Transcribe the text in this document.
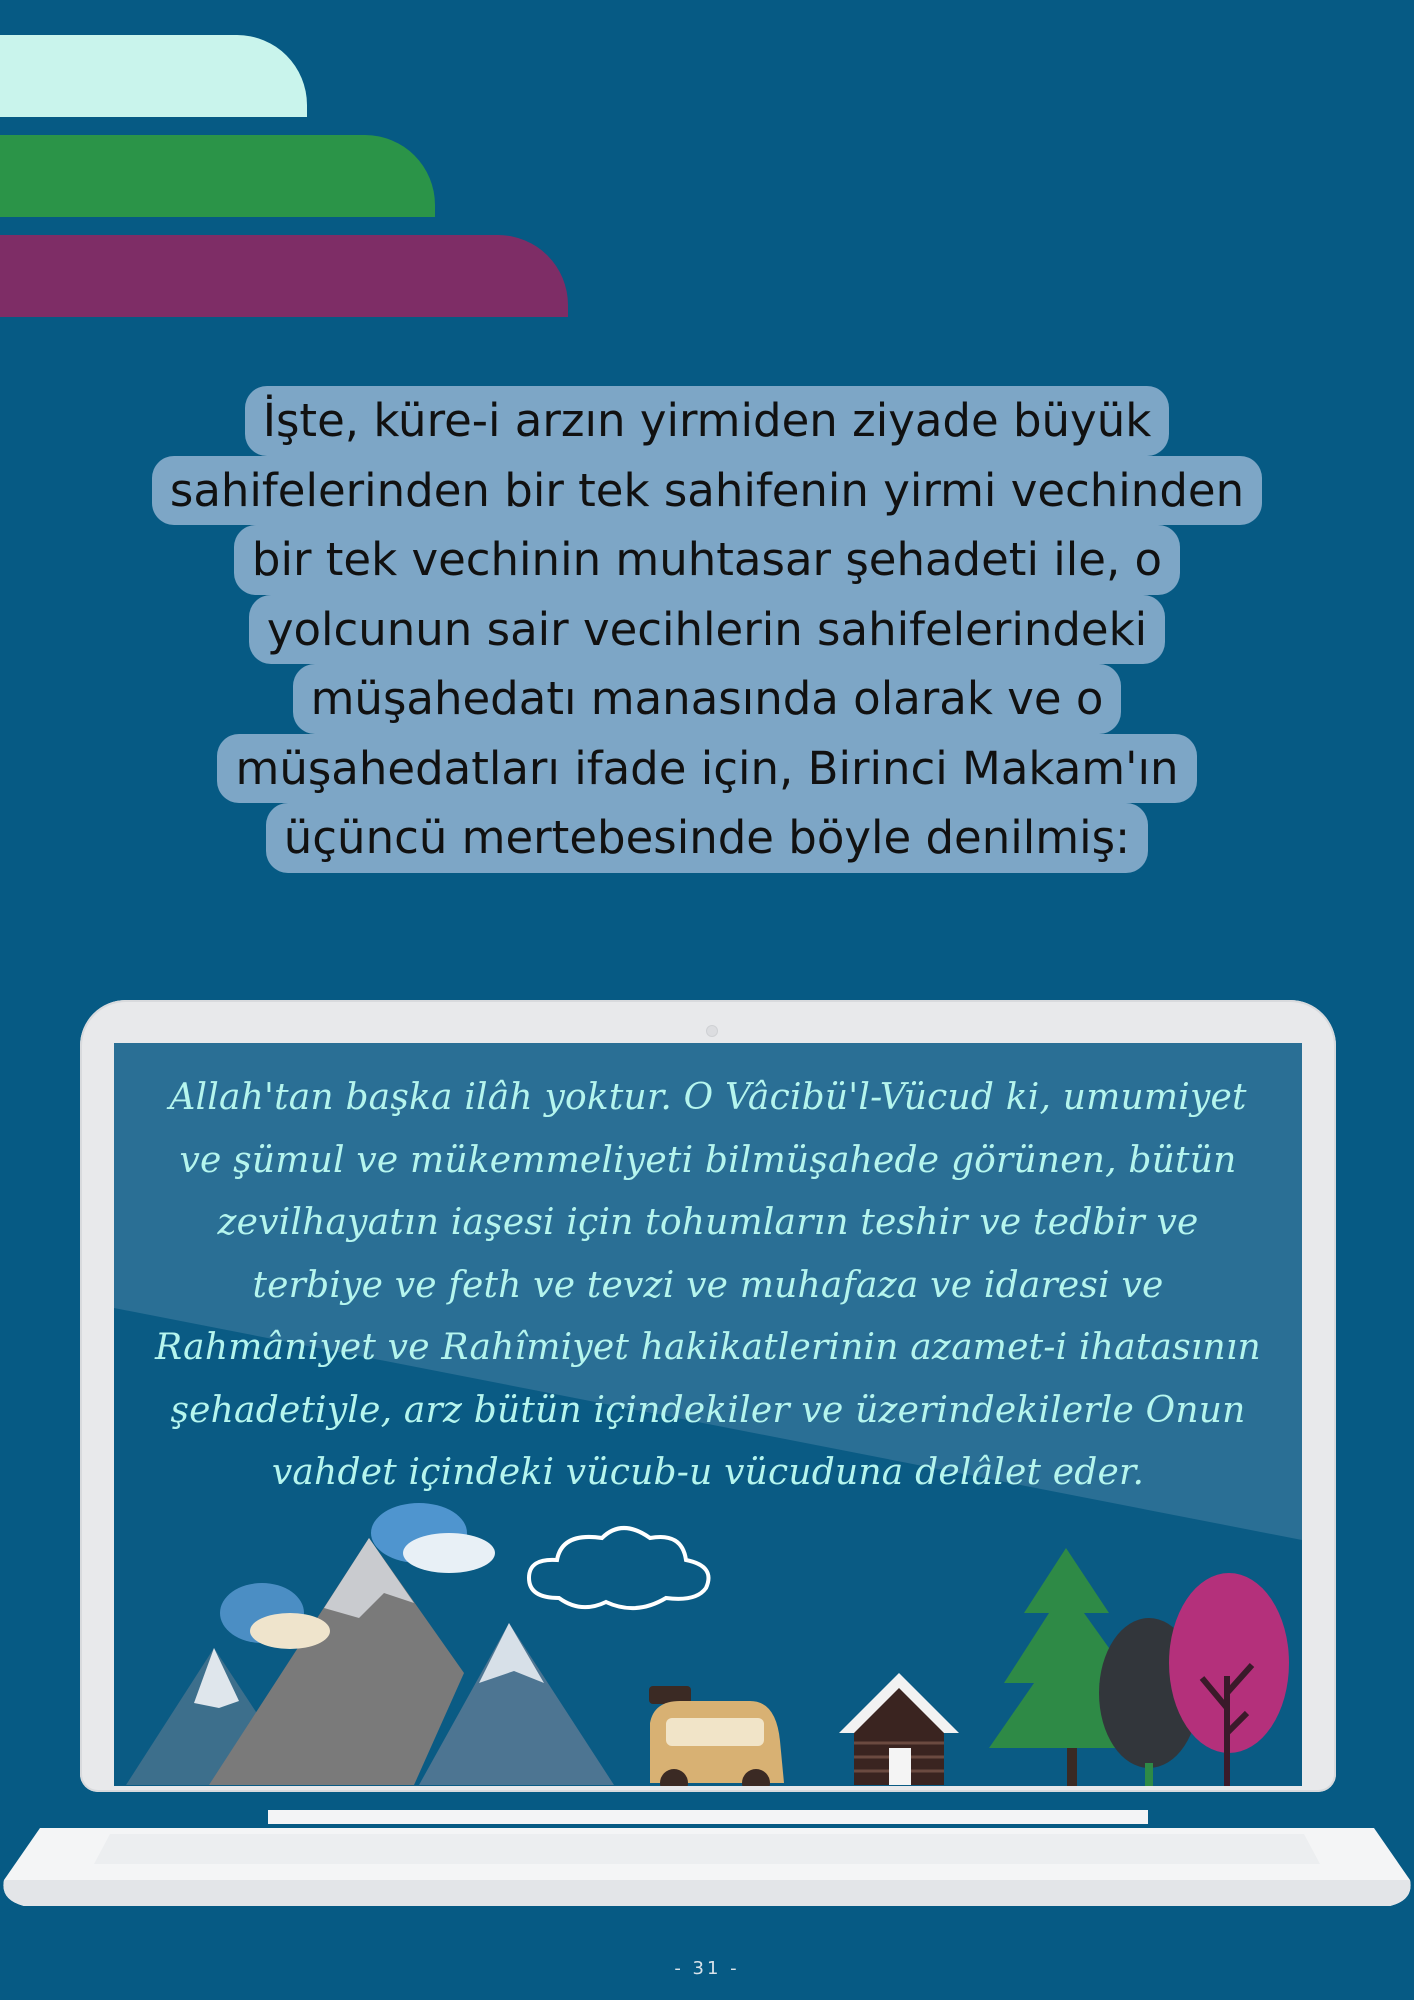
İşte, küre-i arzın yirmiden ziyade büyük
sahifelerinden bir tek sahifenin yirmi vechinden
bir tek vechinin muhtasar şehadeti ile, o
yolcunun sair vecihlerin sahifelerindeki
müşahedatı manasında olarak ve o
müşahedatları ifade için, Birinci Makam'ın
üçüncü mertebesinde böyle denilmiş:
Allah'tan başka ilâh yoktur. O Vâcibü'l-Vücud ki, umumiyet
ve şümul ve mükemmeliyeti bilmüşahede görünen, bütün
zevilhayatın iaşesi için tohumların teshir ve tedbir ve
terbiye ve feth ve tevzi ve muhafaza ve idaresi ve
Rahmâniyet ve Rahîmiyet hakikatlerinin azamet-i ihatasının
şehadetiyle, arz bütün içindekiler ve üzerindekilerle Onun
vahdet içindeki vücub-u vücuduna delâlet eder.
- 31 -
